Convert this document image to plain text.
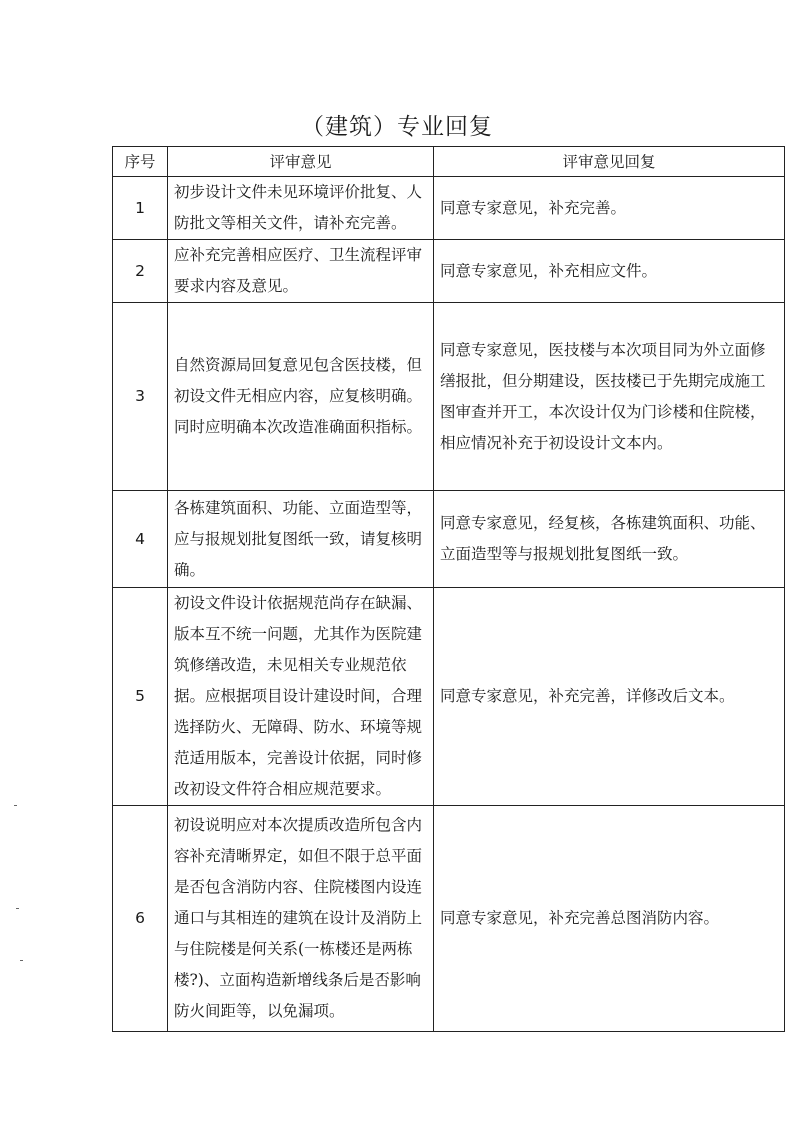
（建筑）专业回复
序号	评审意见	评审意见回复
1	初步设计文件未见环境评价批复、人防批文等相关文件，请补充完善。	同意专家意见，补充完善。
2	应补充完善相应医疗、卫生流程评审要求内容及意见。	同意专家意见，补充相应文件。
3	自然资源局回复意见包含医技楼，但初设文件无相应内容，应复核明确。同时应明确本次改造准确面积指标。	同意专家意见，医技楼与本次项目同为外立面修缮报批，但分期建设，医技楼已于先期完成施工图审查并开工，本次设计仅为门诊楼和住院楼，相应情况补充于初设设计文本内。
4	各栋建筑面积、功能、立面造型等，应与报规划批复图纸一致，请复核明确。	同意专家意见，经复核，各栋建筑面积、功能、立面造型等与报规划批复图纸一致。
5	初设文件设计依据规范尚存在缺漏、版本互不统一问题，尤其作为医院建筑修缮改造，未见相关专业规范依据。应根据项目设计建设时间，合理选择防火、无障碍、防水、环境等规范适用版本，完善设计依据，同时修改初设文件符合相应规范要求。	同意专家意见，补充完善，详修改后文本。
6	初设说明应对本次提质改造所包含内容补充清晰界定，如但不限于总平面是否包含消防内容、住院楼图内设连通口与其相连的建筑在设计及消防上与住院楼是何关系(一栋楼还是两栋楼?)、立面构造新增线条后是否影响防火间距等，以免漏项。	同意专家意见，补充完善总图消防内容。
